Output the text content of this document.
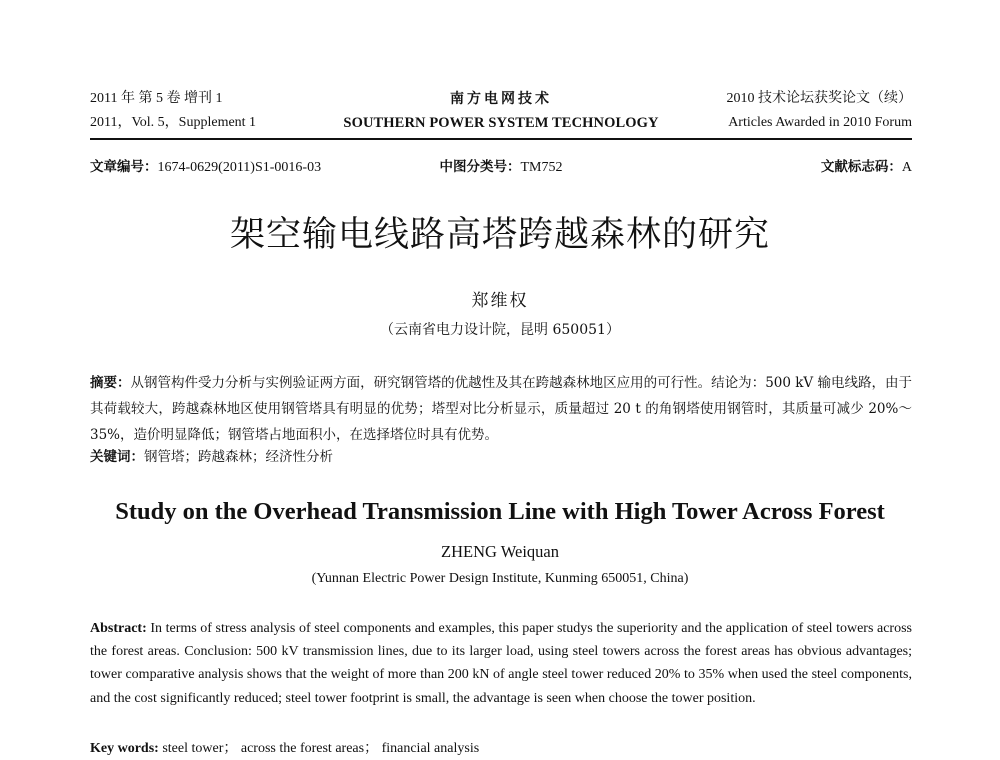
2011 年 第 5 卷 增刊 1	南方电网技术	2010 技术论坛获奖论文（续）
2011，Vol. 5，Supplement 1	SOUTHERN POWER SYSTEM TECHNOLOGY	Articles Awarded in 2010 Forum
文章编号：1674-0629(2011)S1-0016-03	中图分类号：TM752	文献标志码：A
架空输电线路高塔跨越森林的研究
郑维权
（云南省电力设计院，昆明 650051）
摘要：从钢管构件受力分析与实例验证两方面，研究钢管塔的优越性及其在跨越森林地区应用的可行性。结论为：500 kV 输电线路，由于其荷载较大，跨越森林地区使用钢管塔具有明显的优势；塔型对比分析显示，质量超过 20 t 的角钢塔使用钢管时，其质量可减少 20%～35%，造价明显降低；钢管塔占地面积小，在选择塔位时具有优势。
关键词：钢管塔；跨越森林；经济性分析
Study on the Overhead Transmission Line with High Tower Across Forest
ZHENG Weiquan
(Yunnan Electric Power Design Institute, Kunming 650051, China)
Abstract: In terms of stress analysis of steel components and examples, this paper studys the superiority and the application of steel towers across the forest areas. Conclusion: 500 kV transmission lines, due to its larger load, using steel towers across the forest areas has obvious advantages; tower comparative analysis shows that the weight of more than 200 kN of angle steel tower reduced 20% to 35% when used the steel components, and the cost significantly reduced; steel tower footprint is small, the advantage is seen when choose the tower position.
Key words: steel tower； across the forest areas； financial analysis
